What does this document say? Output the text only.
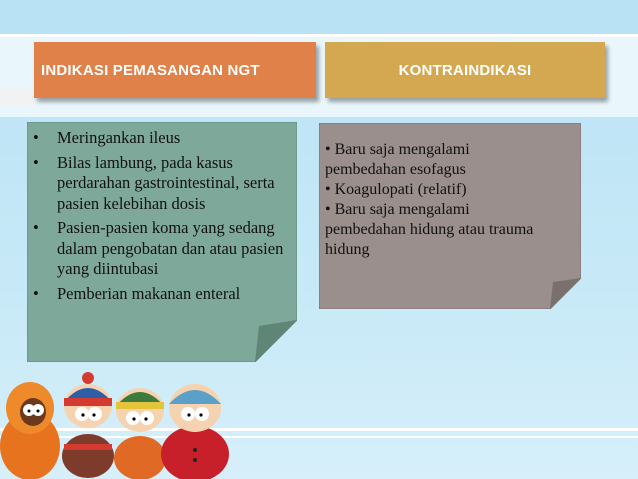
INDIKASI PEMASANGAN NGT	KONTRAINDIKASI
• Meringankan ileus
• Bilas lambung, pada kasus perdarahan gastrointestinal, serta pasien kelebihan dosis
• Pasien-pasien koma yang sedang dalam pengobatan dan atau pasien yang diintubasi
• Pemberian makanan enteral
• Baru saja mengalami
pembedahan esofagus
• Koagulopati (relatif)
• Baru saja mengalami
pembedahan hidung atau trauma
hidung
